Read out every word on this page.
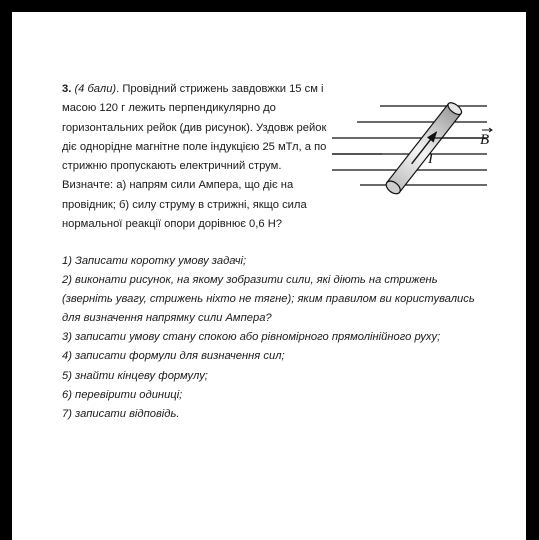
3. (4 бали). Провідний стрижень завдовжки 15 см і масою 120 г лежить перпендикулярно до горизонтальних рейок (див рисунок). Уздовж рейок діє однорідне магнітне поле індукцією 25 мТл, а по стрижню пропускають електричний струм. Визначте: а) напрям сили Ампера, що діє на провідник; б) силу струму в стрижні, якщо сила нормальної реакції опори дорівнює 0,6 Н?
1) Записати коротку умову задачі;
2) виконати рисунок, на якому зобразити сили, які діють на стрижень
(зверніть увагу, стрижень ніхто не тягне); яким правилом ви користувались
для визначення напрямку сили Ампера?
3) записати умову стану спокою або рівномірного прямолінійного руху;
4) записати формули для визначення сил;
5) знайти кінцеву формулу;
6) перевірити одиниці;
7) записати відповідь.
B
I
